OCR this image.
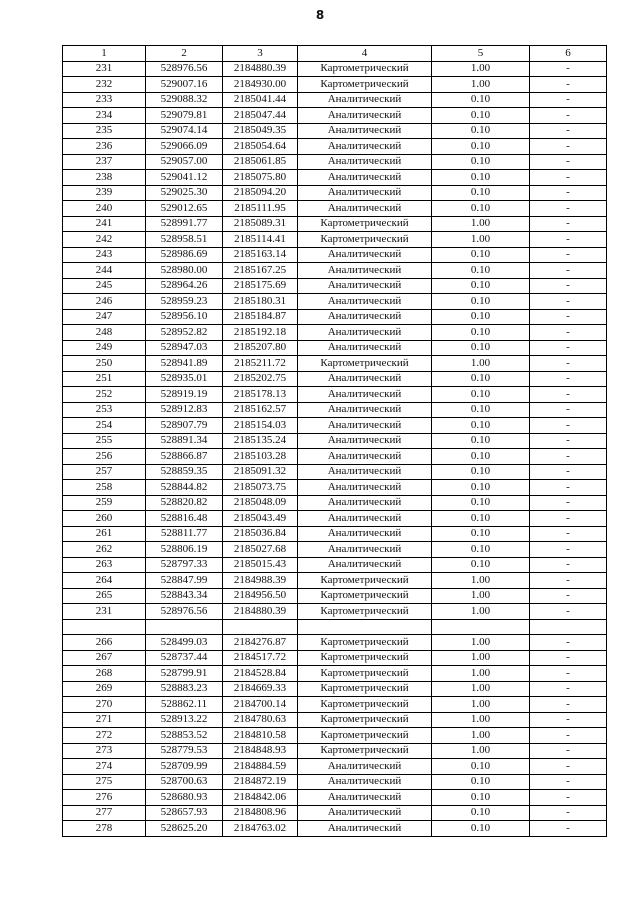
8
1	2	3	4	5	6
231	528976.56	2184880.39	Картометрический	1.00	-
232	529007.16	2184930.00	Картометрический	1.00	-
233	529088.32	2185041.44	Аналитический	0.10	-
234	529079.81	2185047.44	Аналитический	0.10	-
235	529074.14	2185049.35	Аналитический	0.10	-
236	529066.09	2185054.64	Аналитический	0.10	-
237	529057.00	2185061.85	Аналитический	0.10	-
238	529041.12	2185075.80	Аналитический	0.10	-
239	529025.30	2185094.20	Аналитический	0.10	-
240	529012.65	2185111.95	Аналитический	0.10	-
241	528991.77	2185089.31	Картометрический	1.00	-
242	528958.51	2185114.41	Картометрический	1.00	-
243	528986.69	2185163.14	Аналитический	0.10	-
244	528980.00	2185167.25	Аналитический	0.10	-
245	528964.26	2185175.69	Аналитический	0.10	-
246	528959.23	2185180.31	Аналитический	0.10	-
247	528956.10	2185184.87	Аналитический	0.10	-
248	528952.82	2185192.18	Аналитический	0.10	-
249	528947.03	2185207.80	Аналитический	0.10	-
250	528941.89	2185211.72	Картометрический	1.00	-
251	528935.01	2185202.75	Аналитический	0.10	-
252	528919.19	2185178.13	Аналитический	0.10	-
253	528912.83	2185162.57	Аналитический	0.10	-
254	528907.79	2185154.03	Аналитический	0.10	-
255	528891.34	2185135.24	Аналитический	0.10	-
256	528866.87	2185103.28	Аналитический	0.10	-
257	528859.35	2185091.32	Аналитический	0.10	-
258	528844.82	2185073.75	Аналитический	0.10	-
259	528820.82	2185048.09	Аналитический	0.10	-
260	528816.48	2185043.49	Аналитический	0.10	-
261	528811.77	2185036.84	Аналитический	0.10	-
262	528806.19	2185027.68	Аналитический	0.10	-
263	528797.33	2185015.43	Аналитический	0.10	-
264	528847.99	2184988.39	Картометрический	1.00	-
265	528843.34	2184956.50	Картометрический	1.00	-
231	528976.56	2184880.39	Картометрический	1.00	-

266	528499.03	2184276.87	Картометрический	1.00	-
267	528737.44	2184517.72	Картометрический	1.00	-
268	528799.91	2184528.84	Картометрический	1.00	-
269	528883.23	2184669.33	Картометрический	1.00	-
270	528862.11	2184700.14	Картометрический	1.00	-
271	528913.22	2184780.63	Картометрический	1.00	-
272	528853.52	2184810.58	Картометрический	1.00	-
273	528779.53	2184848.93	Картометрический	1.00	-
274	528709.99	2184884.59	Аналитический	0.10	-
275	528700.63	2184872.19	Аналитический	0.10	-
276	528680.93	2184842.06	Аналитический	0.10	-
277	528657.93	2184808.96	Аналитический	0.10	-
278	528625.20	2184763.02	Аналитический	0.10	-
